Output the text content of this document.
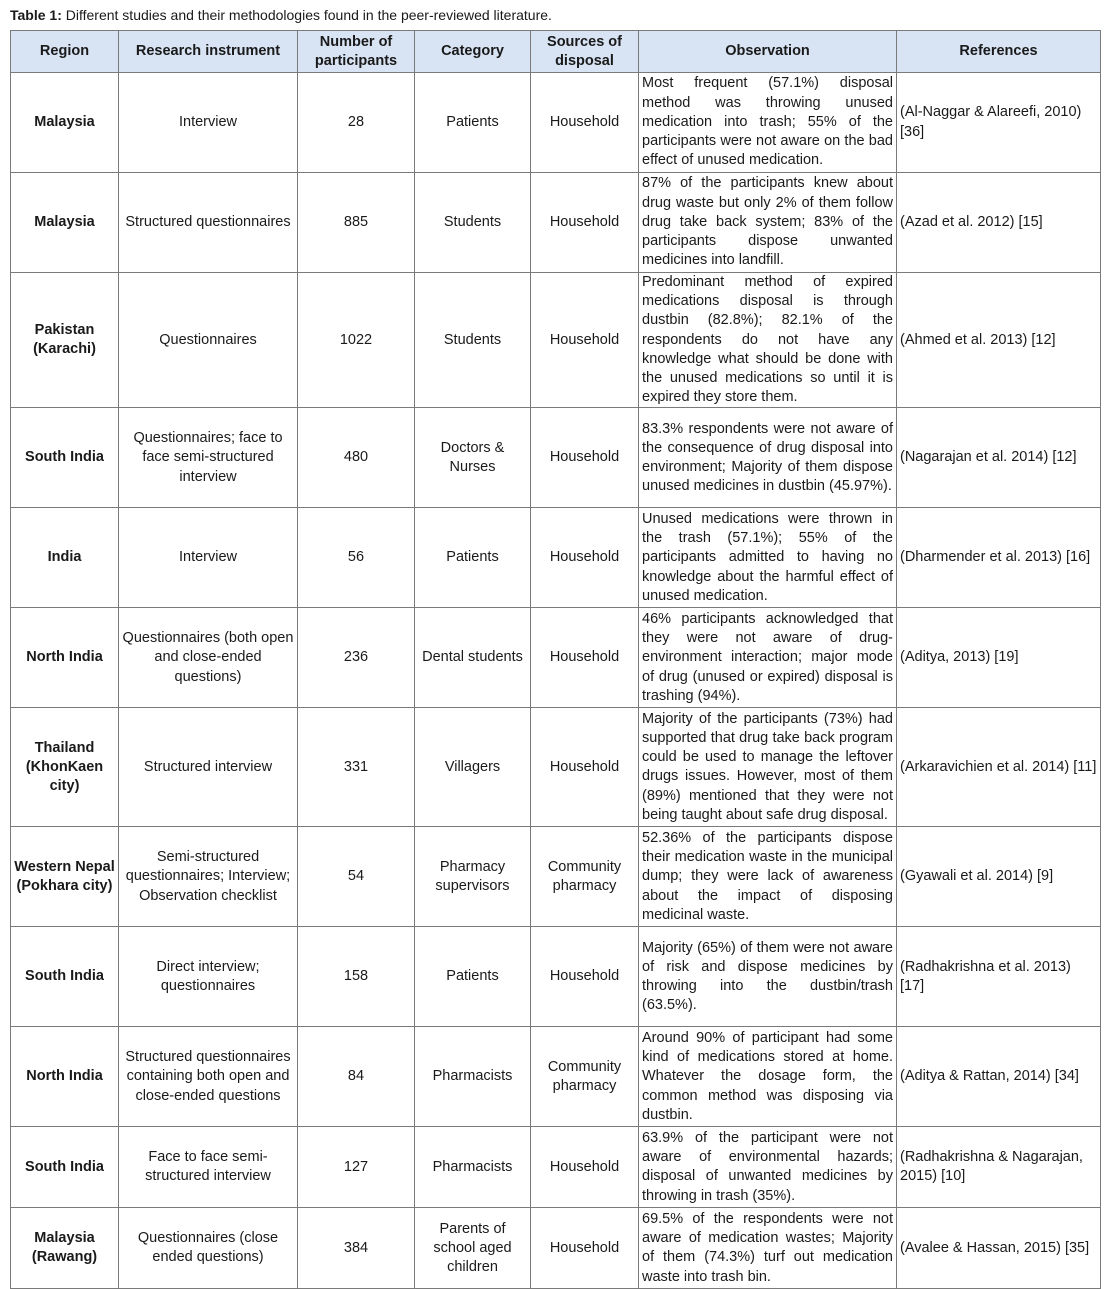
Table 1: Different studies and their methodologies found in the peer-reviewed literature.
Region	Research instrument	Number of participants	Category	Sources of disposal	Observation	References
Malaysia	Interview	28	Patients	Household	Most frequent (57.1%) disposal method was throwing unused medication into trash; 55% of the participants were not aware on the bad effect of unused medication.	(Al-Naggar & Alareefi, 2010) [36]
Malaysia	Structured questionnaires	885	Students	Household	87% of the participants knew about drug waste but only 2% of them follow drug take back system; 83% of the participants dispose unwanted medicines into landfill.	(Azad et al. 2012) [15]
Pakistan (Karachi)	Questionnaires	1022	Students	Household	Predominant method of expired medications disposal is through dustbin (82.8%); 82.1% of the respondents do not have any knowledge what should be done with the unused medications so until it is expired they store them.	(Ahmed et al. 2013) [12]
South India	Questionnaires; face to face semi-structured interview	480	Doctors & Nurses	Household	83.3% respondents were not aware of the consequence of drug disposal into environment; Majority of them dispose unused medicines in dustbin (45.97%).	(Nagarajan et al. 2014) [12]
India	Interview	56	Patients	Household	Unused medications were thrown in the trash (57.1%); 55% of the participants admitted to having no knowledge about the harmful effect of unused medication.	(Dharmender et al. 2013) [16]
North India	Questionnaires (both open and close-ended questions)	236	Dental students	Household	46% participants acknowledged that they were not aware of drug-environment interaction; major mode of drug (unused or expired) disposal is trashing (94%).	(Aditya, 2013) [19]
Thailand (KhonKaen city)	Structured interview	331	Villagers	Household	Majority of the participants (73%) had supported that drug take back program could be used to manage the leftover drugs issues. However, most of them (89%) mentioned that they were not being taught about safe drug disposal.	(Arkaravichien et al. 2014) [11]
Western Nepal (Pokhara city)	Semi-structured questionnaires; Interview; Observation checklist	54	Pharmacy supervisors	Community pharmacy	52.36% of the participants dispose their medication waste in the municipal dump; they were lack of awareness about the impact of disposing medicinal waste.	(Gyawali et al. 2014) [9]
South India	Direct interview; questionnaires	158	Patients	Household	Majority (65%) of them were not aware of risk and dispose medicines by throwing into the dustbin/trash (63.5%).	(Radhakrishna et al. 2013) [17]
North India	Structured questionnaires containing both open and close-ended questions	84	Pharmacists	Community pharmacy	Around 90% of participant had some kind of medications stored at home. Whatever the dosage form, the common method was disposing via dustbin.	(Aditya & Rattan, 2014) [34]
South India	Face to face semi-structured interview	127	Pharmacists	Household	63.9% of the participant were not aware of environmental hazards; disposal of unwanted medicines by throwing in trash (35%).	(Radhakrishna & Nagarajan, 2015) [10]
Malaysia (Rawang)	Questionnaires (close ended questions)	384	Parents of school aged children	Household	69.5% of the respondents were not aware of medication wastes; Majority of them (74.3%) turf out medication waste into trash bin.	(Avalee & Hassan, 2015) [35]
